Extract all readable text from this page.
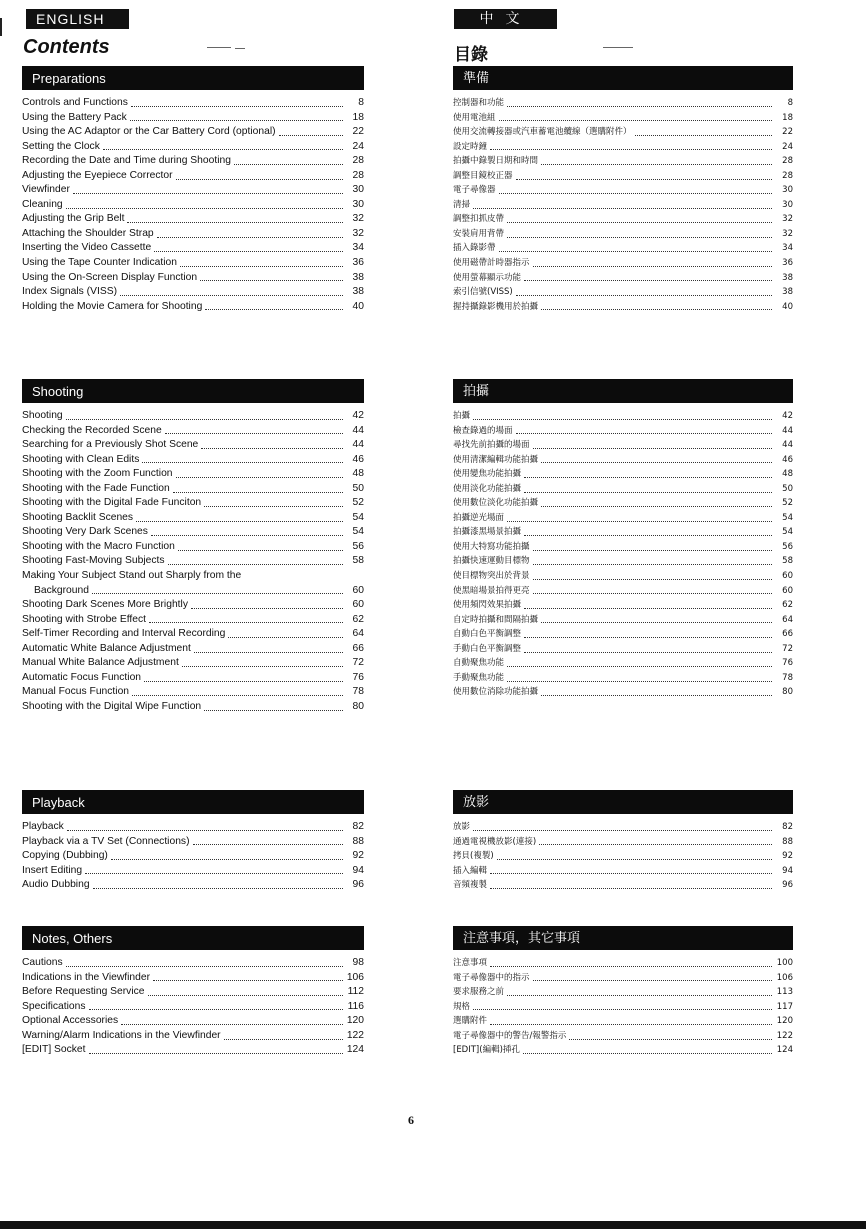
ENGLISH
Contents
Preparations
Controls and Functions	8
Using the Battery Pack	18
Using the AC Adaptor or the Car Battery Cord (optional)	22
Setting the Clock	24
Recording the Date and Time during Shooting	28
Adjusting the Eyepiece Corrector	28
Viewfinder	30
Cleaning	30
Adjusting the Grip Belt	32
Attaching the Shoulder Strap	32
Inserting the Video Cassette	34
Using the Tape Counter Indication	36
Using the On-Screen Display Function	38
Index Signals (VISS)	38
Holding the Movie Camera for Shooting	40
Shooting
Shooting	42
Checking the Recorded Scene	44
Searching for a Previously Shot Scene	44
Shooting with Clean Edits	46
Shooting with the Zoom Function	48
Shooting with the Fade Function	50
Shooting with the Digital Fade Funciton	52
Shooting Backlit Scenes	54
Shooting Very Dark Scenes	54
Shooting with the Macro Function	56
Shooting Fast-Moving Subjects	58
Making Your Subject Stand out Sharply from the
Background	60
Shooting Dark Scenes More Brightly	60
Shooting with Strobe Effect	62
Self-Timer Recording and Interval Recording	64
Automatic White Balance Adjustment	66
Manual White Balance Adjustment	72
Automatic Focus Function	76
Manual Focus Function	78
Shooting with the Digital Wipe Function	80
Playback
Playback	82
Playback via a TV Set (Connections)	88
Copying (Dubbing)	92
Insert Editing	94
Audio Dubbing	96
Notes, Others
Cautions	98
Indications in the Viewfinder	106
Before Requesting Service	112
Specifications	116
Optional Accessories	120
Warning/Alarm Indications in the Viewfinder	122
[EDIT] Socket	124
中文
目錄
準備
控制器和功能	8
使用電池組	18
使用交流轉接器或汽車蓄電池纜線（選購附件）	22
設定時鐘	24
拍攝中錄製日期和時間	28
調整目鏡校正器	28
電子尋像器	30
清掃	30
調整扣抓皮帶	32
安裝肩用背帶	32
插入錄影帶	34
使用磁帶計時器指示	36
使用螢幕顯示功能	38
索引信號(VISS)	38
握持攝錄影機用於拍攝	40
拍攝
拍攝	42
檢查錄過的場面	44
尋找先前拍攝的場面	44
使用清潔編輯功能拍攝	46
使用變焦功能拍攝	48
使用淡化功能拍攝	50
使用數位淡化功能拍攝	52
拍攝逆光場面	54
拍攝漆黑場景拍攝	54
使用大特寫功能拍攝	56
拍攝快速運動目標物	58
使目標物突出於背景	60
使黑暗場景拍得更亮	60
使用頻閃效果拍攝	62
自定時拍攝和間隔拍攝	64
自動白色平衡調整	66
手動白色平衡調整	72
自動聚焦功能	76
手動聚焦功能	78
使用數位消除功能拍攝	80
放影
放影	82
通過電視機放影(連接)	88
拷貝(複製)	92
插入編輯	94
音頻複製	96
注意事項，其它事項
注意事項	100
電子尋像器中的指示	106
要求服務之前	113
規格	117
選購附件	120
電子尋像器中的警告/報警指示	122
[EDIT](編輯)揷孔	124
6
